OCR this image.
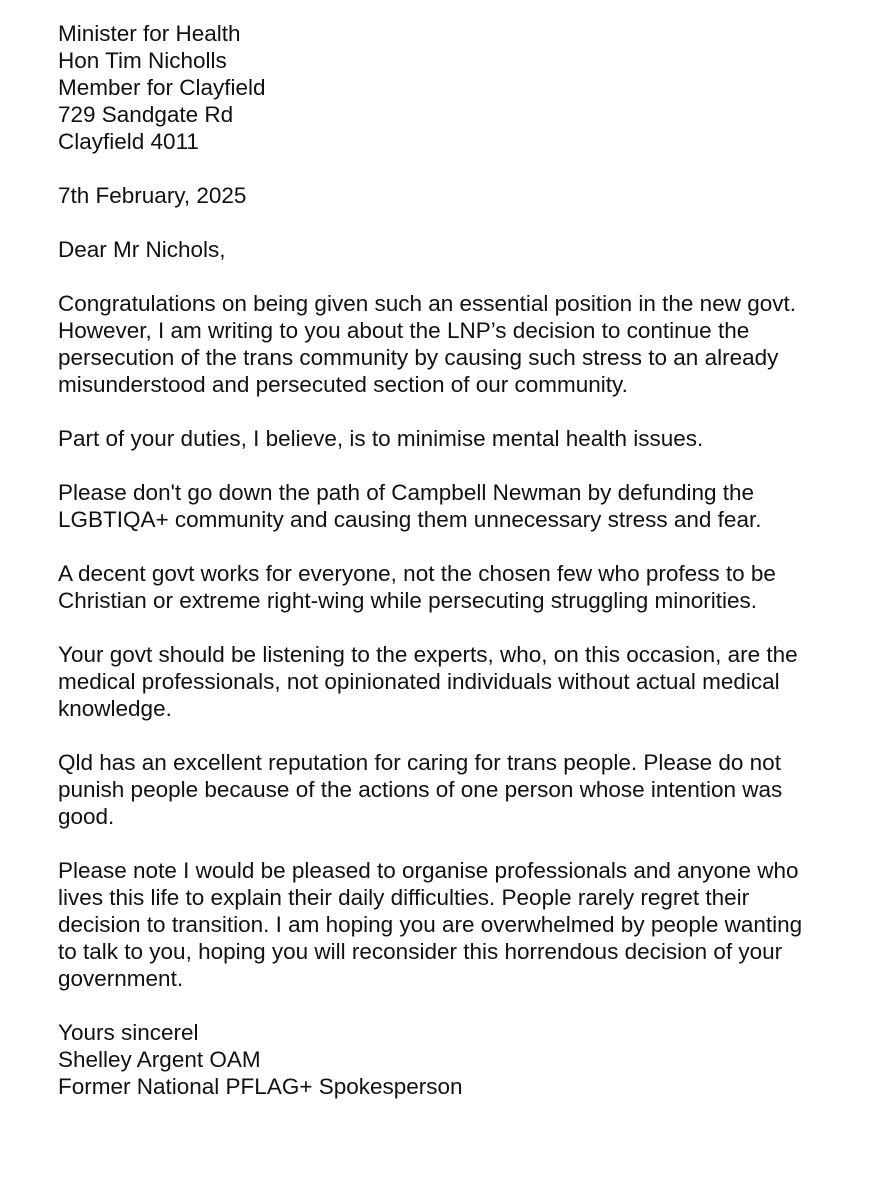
Minister for Health
Hon Tim Nicholls
Member for Clayfield
729 Sandgate Rd
Clayfield 4011
7th February, 2025
Dear Mr Nichols,
Congratulations on being given such an essential position in the new govt.
However, I am writing to you about the LNP’s decision to continue the
persecution of the trans community by causing such stress to an already
misunderstood and persecuted section of our community.
Part of your duties, I believe, is to minimise mental health issues.
Please don't go down the path of Campbell Newman by defunding the
LGBTIQA+ community and causing them unnecessary stress and fear.
A decent govt works for everyone, not the chosen few who profess to be
Christian or extreme right-wing while persecuting struggling minorities.
Your govt should be listening to the experts, who, on this occasion, are the
medical professionals, not opinionated individuals without actual medical
knowledge.
Qld has an excellent reputation for caring for trans people. Please do not
punish people because of the actions of one person whose intention was
good.
Please note I would be pleased to organise professionals and anyone who
lives this life to explain their daily difficulties. People rarely regret their
decision to transition. I am hoping you are overwhelmed by people wanting
to talk to you, hoping you will reconsider this horrendous decision of your
government.
Yours sincerel
Shelley Argent OAM
Former National PFLAG+ Spokesperson
